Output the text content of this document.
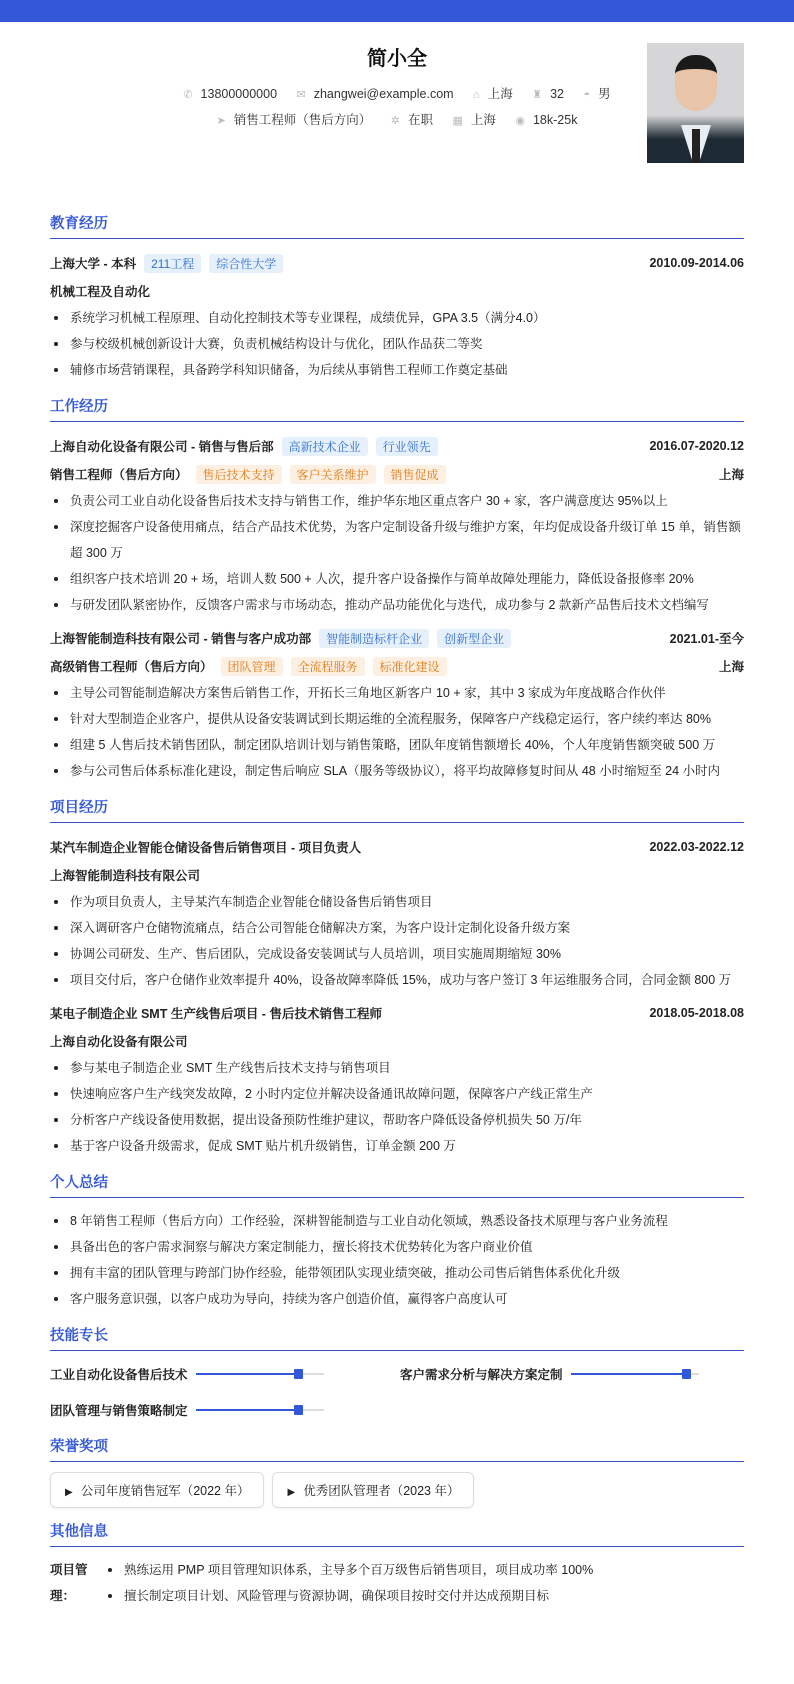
简小全
✆ 13800000000 ✉ zhangwei@example.com ⌂ 上海 ♜ 32 ◓ 男
➤ 销售工程师（售后方向） ✲ 在职 ▦ 上海 ◉ 18k-25k
教育经历
上海大学 - 本科	211工程	综合性大学	2010.09-2014.06
机械工程及自动化
系统学习机械工程原理、自动化控制技术等专业课程，成绩优异，GPA 3.5（满分4.0）
参与校级机械创新设计大赛，负责机械结构设计与优化，团队作品获二等奖
辅修市场营销课程，具备跨学科知识储备，为后续从事销售工程师工作奠定基础
工作经历
上海自动化设备有限公司 - 销售与售后部	高新技术企业	行业领先	2016.07-2020.12
销售工程师（售后方向）	售后技术支持	客户关系维护	销售促成	上海
负责公司工业自动化设备售后技术支持与销售工作，维护华东地区重点客户 30 + 家，客户满意度达 95%以上
深度挖掘客户设备使用痛点，结合产品技术优势，为客户定制设备升级与维护方案，年均促成设备升级订单 15 单，销售额超 300 万
组织客户技术培训 20 + 场，培训人数 500 + 人次，提升客户设备操作与简单故障处理能力，降低设备报修率 20%
与研发团队紧密协作，反馈客户需求与市场动态，推动产品功能优化与迭代，成功参与 2 款新产品售后技术文档编写
上海智能制造科技有限公司 - 销售与客户成功部	智能制造标杆企业	创新型企业	2021.01-至今
高级销售工程师（售后方向）	团队管理	全流程服务	标准化建设	上海
主导公司智能制造解决方案售后销售工作，开拓长三角地区新客户 10 + 家，其中 3 家成为年度战略合作伙伴
针对大型制造企业客户，提供从设备安装调试到长期运维的全流程服务，保障客户产线稳定运行，客户续约率达 80%
组建 5 人售后技术销售团队，制定团队培训计划与销售策略，团队年度销售额增长 40%，个人年度销售额突破 500 万
参与公司售后体系标准化建设，制定售后响应 SLA（服务等级协议），将平均故障修复时间从 48 小时缩短至 24 小时内
项目经历
某汽车制造企业智能仓储设备售后销售项目 - 项目负责人	2022.03-2022.12
上海智能制造科技有限公司
作为项目负责人，主导某汽车制造企业智能仓储设备售后销售项目
深入调研客户仓储物流痛点，结合公司智能仓储解决方案，为客户设计定制化设备升级方案
协调公司研发、生产、售后团队，完成设备安装调试与人员培训，项目实施周期缩短 30%
项目交付后，客户仓储作业效率提升 40%，设备故障率降低 15%，成功与客户签订 3 年运维服务合同，合同金额 800 万
某电子制造企业 SMT 生产线售后项目 - 售后技术销售工程师	2018.05-2018.08
上海自动化设备有限公司
参与某电子制造企业 SMT 生产线售后技术支持与销售项目
快速响应客户生产线突发故障，2 小时内定位并解决设备通讯故障问题，保障客户产线正常生产
分析客户产线设备使用数据，提出设备预防性维护建议，帮助客户降低设备停机损失 50 万/年
基于客户设备升级需求，促成 SMT 贴片机升级销售，订单金额 200 万
个人总结
8 年销售工程师（售后方向）工作经验，深耕智能制造与工业自动化领域，熟悉设备技术原理与客户业务流程
具备出色的客户需求洞察与解决方案定制能力，擅长将技术优势转化为客户商业价值
拥有丰富的团队管理与跨部门协作经验，能带领团队实现业绩突破，推动公司售后销售体系优化升级
客户服务意识强，以客户成功为导向，持续为客户创造价值，赢得客户高度认可
技能专长
工业自动化设备售后技术	客户需求分析与解决方案定制
团队管理与销售策略制定
荣誉奖项
▶ 公司年度销售冠军（2022 年）	▶ 优秀团队管理者（2023 年）
其他信息
项目管理：
熟练运用 PMP 项目管理知识体系，主导多个百万级售后销售项目，项目成功率 100%
擅长制定项目计划、风险管理与资源协调，确保项目按时交付并达成预期目标
